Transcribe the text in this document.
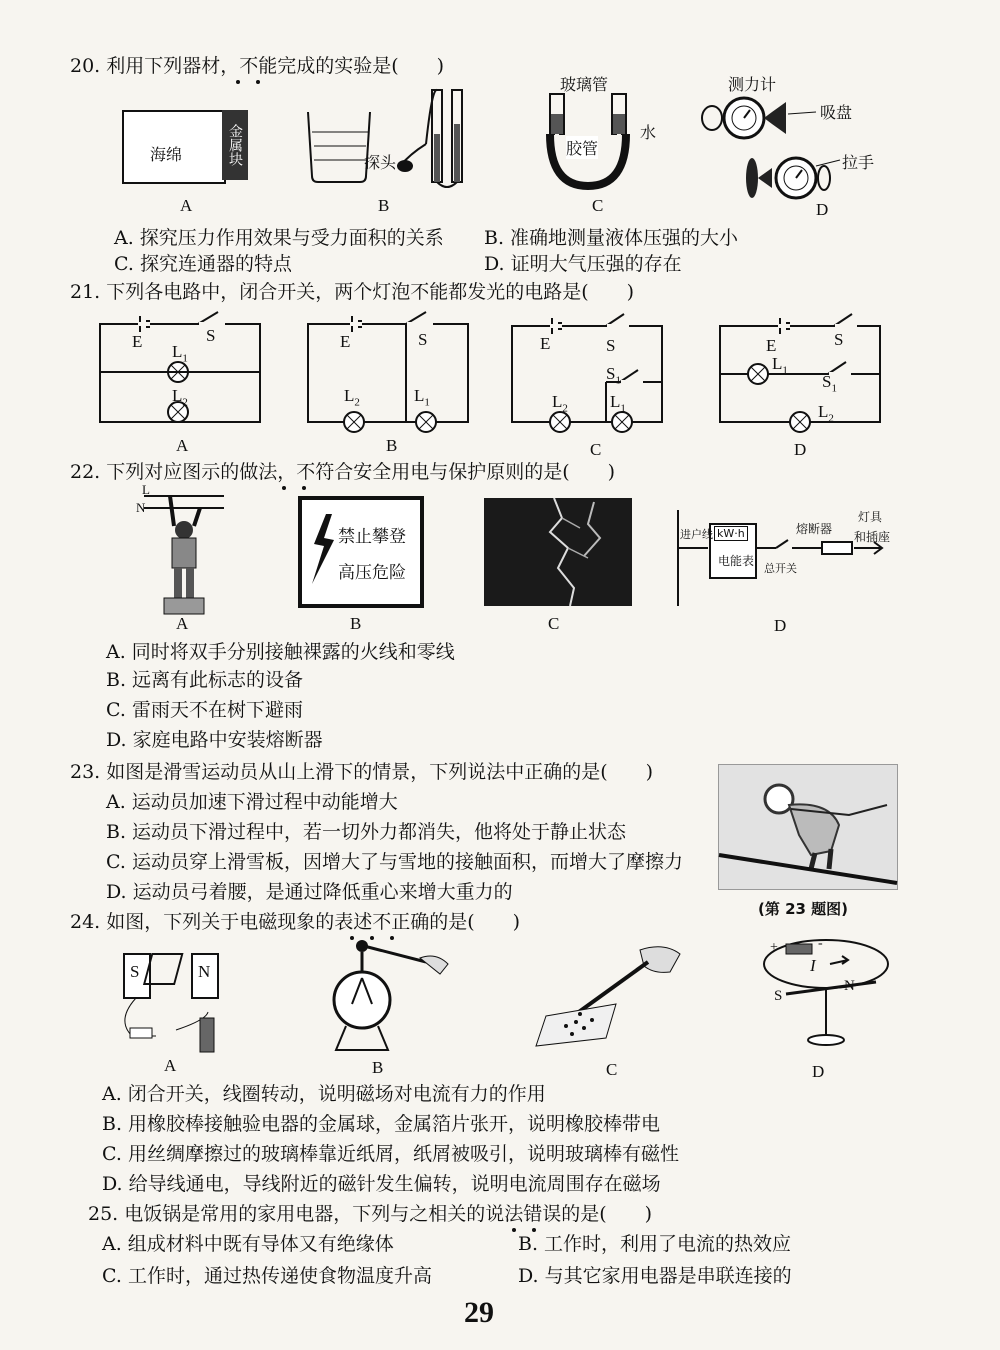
20. 利用下列器材，不能完成的实验是(　　)
海绵	金属块
A
探头
B
玻璃管
胶管
水
C
测力计
吸盘
拉手
D
A. 探究压力作用效果与受力面积的关系 B. 准确地测量液体压强的大小
C. 探究连通器的特点	D. 证明大气压强的存在
21. 下列各电路中，闭合开关，两个灯泡不能都发光的电路是(　　)
E	S
$L_1$
$L_2$
A
E	S
$L_2$	$L_1$
B
E	S
$S_1$
$L_2$ $L_1$
C
E	S
$L_1$
$S_1$
$L_2$
D
22. 下列对应图示的做法，不符合安全用电与保护原则的是(　　)
L
N
A
禁止攀登
高压危险
B	C
进户线 kW·h
电能表
总开关
熔断器
灯具
和插座
D
A. 同时将双手分别接触裸露的火线和零线
B. 远离有此标志的设备
C. 雷雨天不在树下避雨
D. 家庭电路中安装熔断器
23. 如图是滑雪运动员从山上滑下的情景，下列说法中正确的是(　　)
A. 运动员加速下滑过程中动能增大
B. 运动员下滑过程中，若一切外力都消失，他将处于静止状态
C. 运动员穿上滑雪板，因增大了与雪地的接触面积，而增大了摩擦力
D. 运动员弓着腰，是通过降低重心来增大重力的
(第 23 题图)
24. 如图，下列关于电磁现象的表述不正确的是(　　)
S	N
A	B	C
+	-
I
S
N
D
A. 闭合开关，线圈转动，说明磁场对电流有力的作用
B. 用橡胶棒接触验电器的金属球，金属箔片张开，说明橡胶棒带电
C. 用丝绸摩擦过的玻璃棒靠近纸屑，纸屑被吸引，说明玻璃棒有磁性
D. 给导线通电，导线附近的磁针发生偏转，说明电流周围存在磁场
25. 电饭锅是常用的家用电器，下列与之相关的说法错误的是(　　)
A. 组成材料中既有导体又有绝缘体	B. 工作时，利用了电流的热效应
C. 工作时，通过热传递使食物温度升高	D. 与其它家用电器是串联连接的
29
